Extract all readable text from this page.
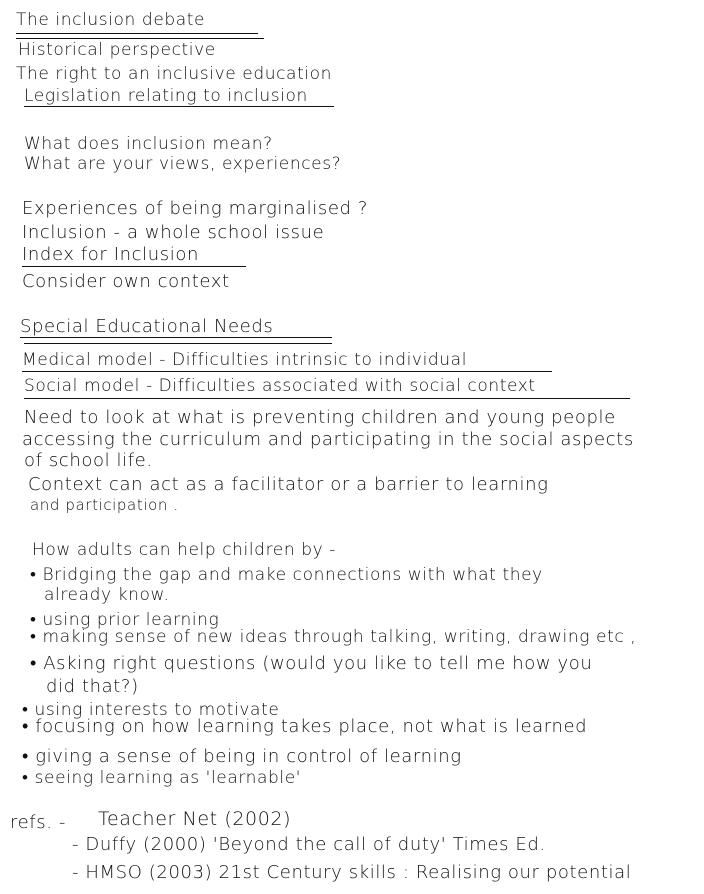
The inclusion debate
Historical perspective
The right to an inclusive education
Legislation relating to inclusion
What does inclusion mean?
What are your views, experiences?
Experiences of being marginalised ?
Inclusion - a whole school issue
Index for Inclusion
Consider own context
Special Educational Needs
Medical model - Difficulties intrinsic to individual
Social model - Difficulties associated with social context
Need to look at what is preventing children and young people
accessing the curriculum and participating in the social aspects
of school life.
Context can act as a facilitator or a barrier to learning
and participation .
How adults can help children by -
• Bridging the gap and make connections with what they
already know.
• using prior learning
• making sense of new ideas through talking, writing, drawing etc ,
• Asking right questions (would you like to tell me how you
did that?)
• using interests to motivate
• focusing on how learning takes place, not what is learned
• giving a sense of being in control of learning
• seeing learning as 'learnable'
refs. - Teacher Net (2002)
- Duffy (2000) 'Beyond the call of duty' Times Ed.
- HMSO (2003) 21st Century skills : Realising our potential
